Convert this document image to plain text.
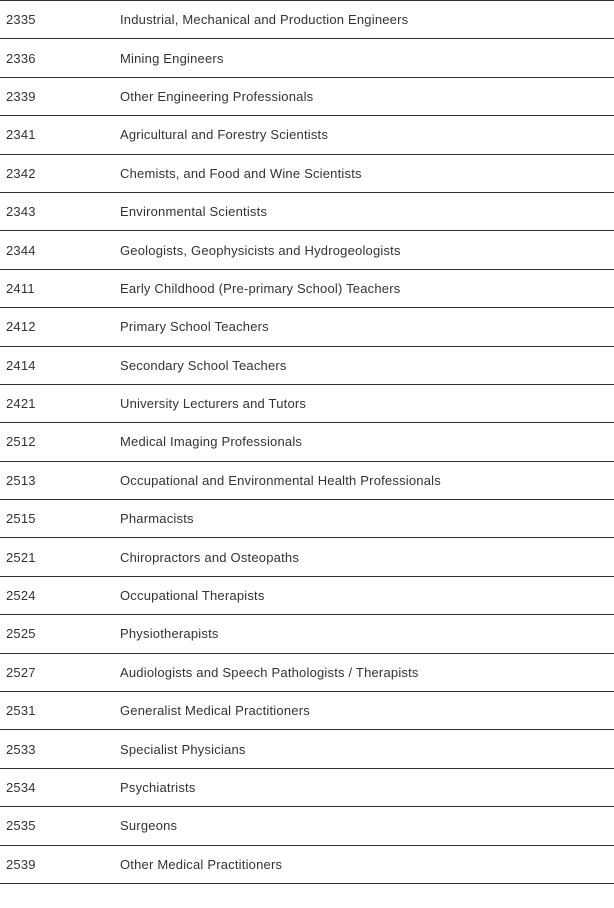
2335	Industrial, Mechanical and Production Engineers
2336	Mining Engineers
2339	Other Engineering Professionals
2341	Agricultural and Forestry Scientists
2342	Chemists, and Food and Wine Scientists
2343	Environmental Scientists
2344	Geologists, Geophysicists and Hydrogeologists
2411	Early Childhood (Pre-primary School) Teachers
2412	Primary School Teachers
2414	Secondary School Teachers
2421	University Lecturers and Tutors
2512	Medical Imaging Professionals
2513	Occupational and Environmental Health Professionals
2515	Pharmacists
2521	Chiropractors and Osteopaths
2524	Occupational Therapists
2525	Physiotherapists
2527	Audiologists and Speech Pathologists / Therapists
2531	Generalist Medical Practitioners
2533	Specialist Physicians
2534	Psychiatrists
2535	Surgeons
2539	Other Medical Practitioners
